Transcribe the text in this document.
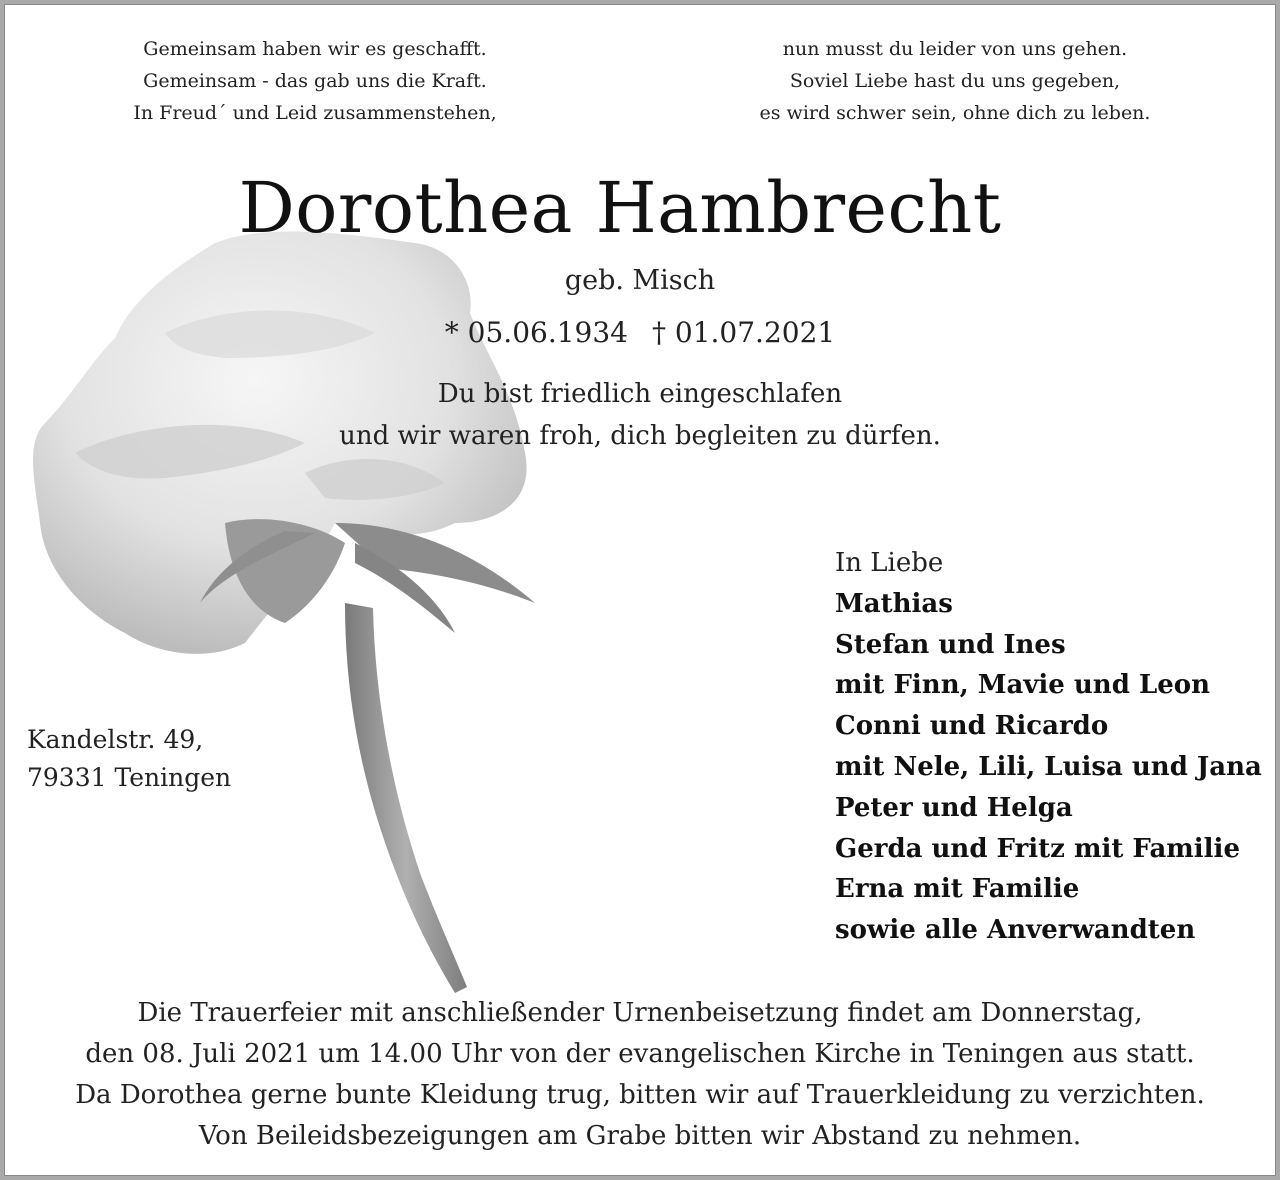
Gemeinsam haben wir es geschafft.
Gemeinsam - das gab uns die Kraft.
In Freud´ und Leid zusammenstehen,
nun musst du leider von uns gehen.
Soviel Liebe hast du uns gegeben,
es wird schwer sein, ohne dich zu leben.
Dorothea Hambrecht
geb. Misch
* 05.06.1934 † 01.07.2021
Du bist friedlich eingeschlafen
und wir waren froh, dich begleiten zu dürfen.
Kandelstr. 49,
79331 Teningen
In Liebe
Mathias
Stefan und Ines
mit Finn, Mavie und Leon
Conni und Ricardo
mit Nele, Lili, Luisa und Jana
Peter und Helga
Gerda und Fritz mit Familie
Erna mit Familie
sowie alle Anverwandten
Die Trauerfeier mit anschließender Urnenbeisetzung findet am Donnerstag,
den 08. Juli 2021 um 14.00 Uhr von der evangelischen Kirche in Teningen aus statt.
Da Dorothea gerne bunte Kleidung trug, bitten wir auf Trauerkleidung zu verzichten.
Von Beileidsbezeigungen am Grabe bitten wir Abstand zu nehmen.
